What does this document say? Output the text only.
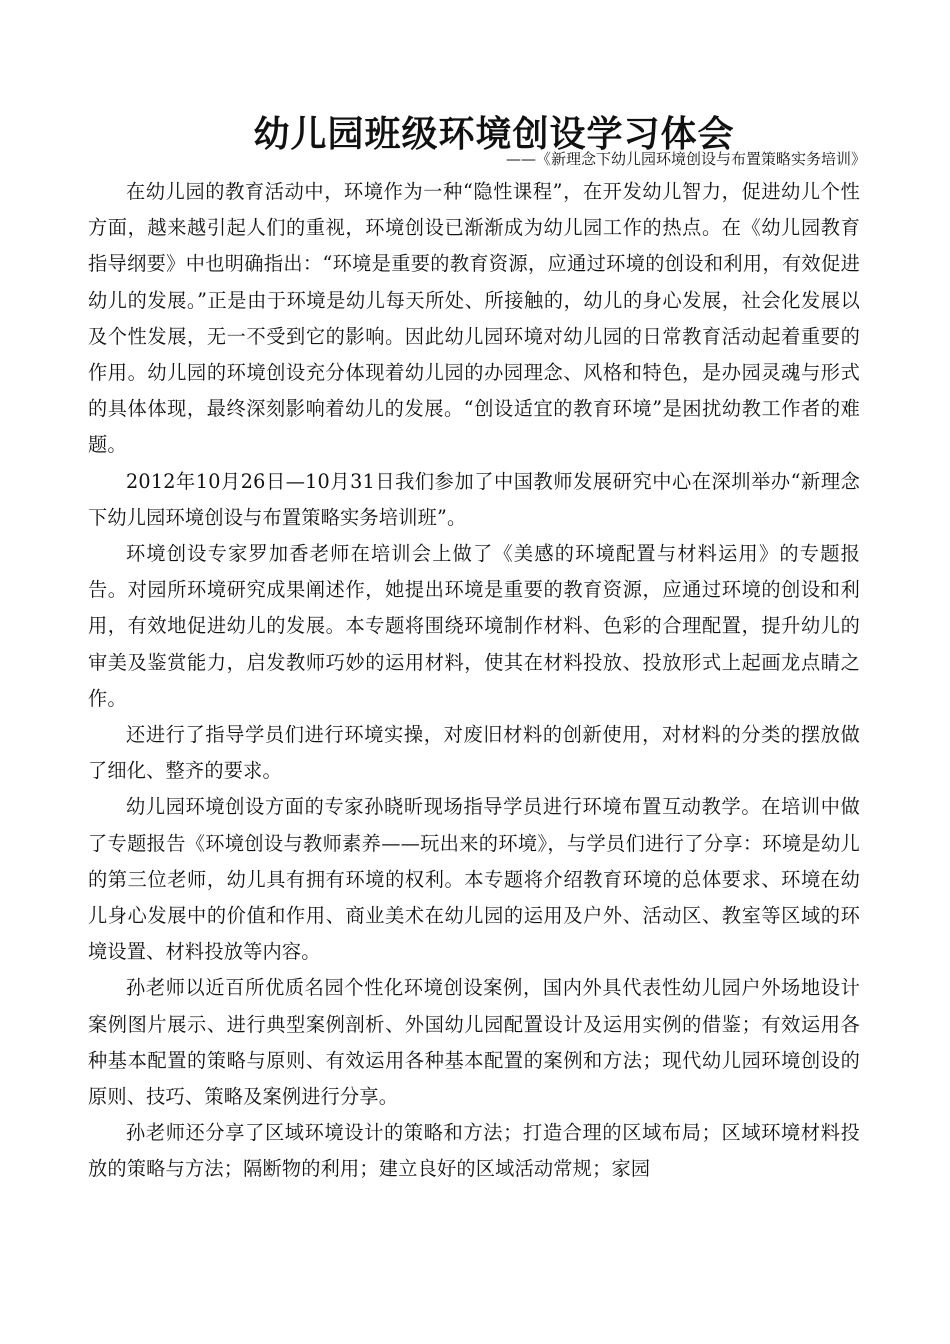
幼儿园班级环境创设学习体会
——《新理念下幼儿园环境创设与布置策略实务培训》

在幼儿园的教育活动中，环境作为一种“隐性课程”，在开发幼儿智力，促进幼儿个性方面，越来越引起人们的重视，环境创设已渐渐成为幼儿园工作的热点。在《幼儿园教育指导纲要》中也明确指出：“环境是重要的教育资源，应通过环境的创设和利用，有效促进幼儿的发展。”正是由于环境是幼儿每天所处、所接触的，幼儿的身心发展，社会化发展以及个性发展，无一不受到它的影响。因此幼儿园环境对幼儿园的日常教育活动起着重要的作用。幼儿园的环境创设充分体现着幼儿园的办园理念、风格和特色，是办园灵魂与形式的具体体现，最终深刻影响着幼儿的发展。“创设适宜的教育环境”是困扰幼教工作者的难题。

2012年10月26日—10月31日我们参加了中国教师发展研究中心在深圳举办“新理念下幼儿园环境创设与布置策略实务培训班”。

环境创设专家罗加香老师在培训会上做了《美感的环境配置与材料运用》的专题报告。对园所环境研究成果阐述作，她提出环境是重要的教育资源，应通过环境的创设和利用，有效地促进幼儿的发展。本专题将围绕环境制作材料、色彩的合理配置，提升幼儿的审美及鉴赏能力，启发教师巧妙的运用材料，使其在材料投放、投放形式上起画龙点睛之作。

还进行了指导学员们进行环境实操，对废旧材料的创新使用，对材料的分类的摆放做了细化、整齐的要求。

幼儿园环境创设方面的专家孙晓昕现场指导学员进行环境布置互动教学。在培训中做了专题报告《环境创设与教师素养——玩出来的环境》，与学员们进行了分享：环境是幼儿的第三位老师，幼儿具有拥有环境的权利。本专题将介绍教育环境的总体要求、环境在幼儿身心发展中的价值和作用、商业美术在幼儿园的运用及户外、活动区、教室等区域的环境设置、材料投放等内容。

孙老师以近百所优质名园个性化环境创设案例，国内外具代表性幼儿园户外场地设计案例图片展示、进行典型案例剖析、外国幼儿园配置设计及运用实例的借鉴；有效运用各种基本配置的策略与原则、有效运用各种基本配置的案例和方法；现代幼儿园环境创设的原则、技巧、策略及案例进行分享。

孙老师还分享了区域环境设计的策略和方法；打造合理的区域布局；区域环境材料投放的策略与方法；隔断物的利用；建立良好的区域活动常规；家园
